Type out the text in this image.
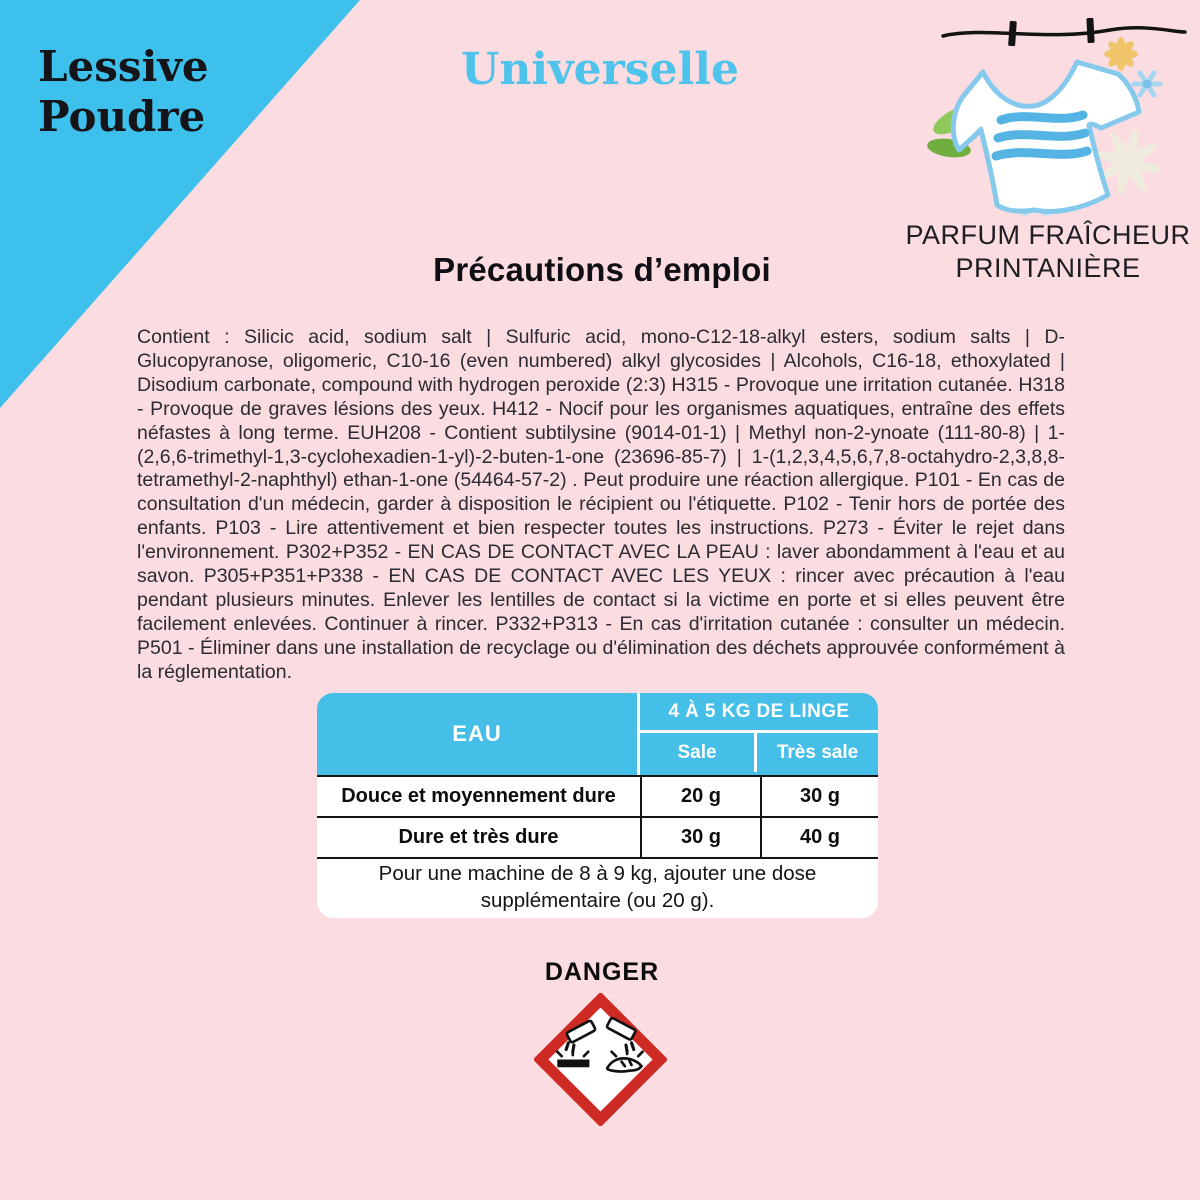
Lessive
Poudre
Universelle
PARFUM FRAÎCHEUR
PRINTANIÈRE
Précautions d’emploi

Contient : Silicic acid, sodium salt | Sulfuric acid, mono-C12-18-alkyl esters, sodium salts | D-Glucopyranose, oligomeric, C10-16 (even numbered) alkyl glycosides | Alcohols, C16-18, ethoxylated | Disodium carbonate, compound with hydrogen peroxide (2:3) H315 - Provoque une irritation cutanée. H318 - Provoque de graves lésions des yeux. H412 - Nocif pour les organismes aquatiques, entraîne des effets néfastes à long terme. EUH208 - Contient subtilysine (9014-01-1) | Methyl non-2-ynoate (111-80-8) | 1-(2,6,6-trimethyl-1,3-cyclohexadien-1-yl)-2-buten-1-one (23696-85-7) | 1-(1,2,3,4,5,6,7,8-octahydro-2,3,8,8-tetramethyl-2-naphthyl) ethan-1-one (54464-57-2) . Peut produire une réaction allergique. P101 - En cas de consultation d'un médecin, garder à disposition le récipient ou l'étiquette. P102 - Tenir hors de portée des enfants. P103 - Lire attentivement et bien respecter toutes les instructions. P273 - Éviter le rejet dans l'environnement. P302+P352 - EN CAS DE CONTACT AVEC LA PEAU : laver abondamment à l'eau et au savon. P305+P351+P338 - EN CAS DE CONTACT AVEC LES YEUX : rincer avec précaution à l'eau pendant plusieurs minutes. Enlever les lentilles de contact si la victime en porte et si elles peuvent être facilement enlevées. Continuer à rincer. P332+P313 - En cas d'irritation cutanée : consulter un médecin. P501 - Éliminer dans une installation de recyclage ou d'élimination des déchets approuvée conformément à la réglementation.

EAU
4 À 5 KG DE LINGE
Sale	Très sale
Douce et moyennement dure	20 g	30 g
Dure et très dure	30 g	40 g
Pour une machine de 8 à 9 kg, ajouter une dose supplémentaire (ou 20 g).
DANGER
